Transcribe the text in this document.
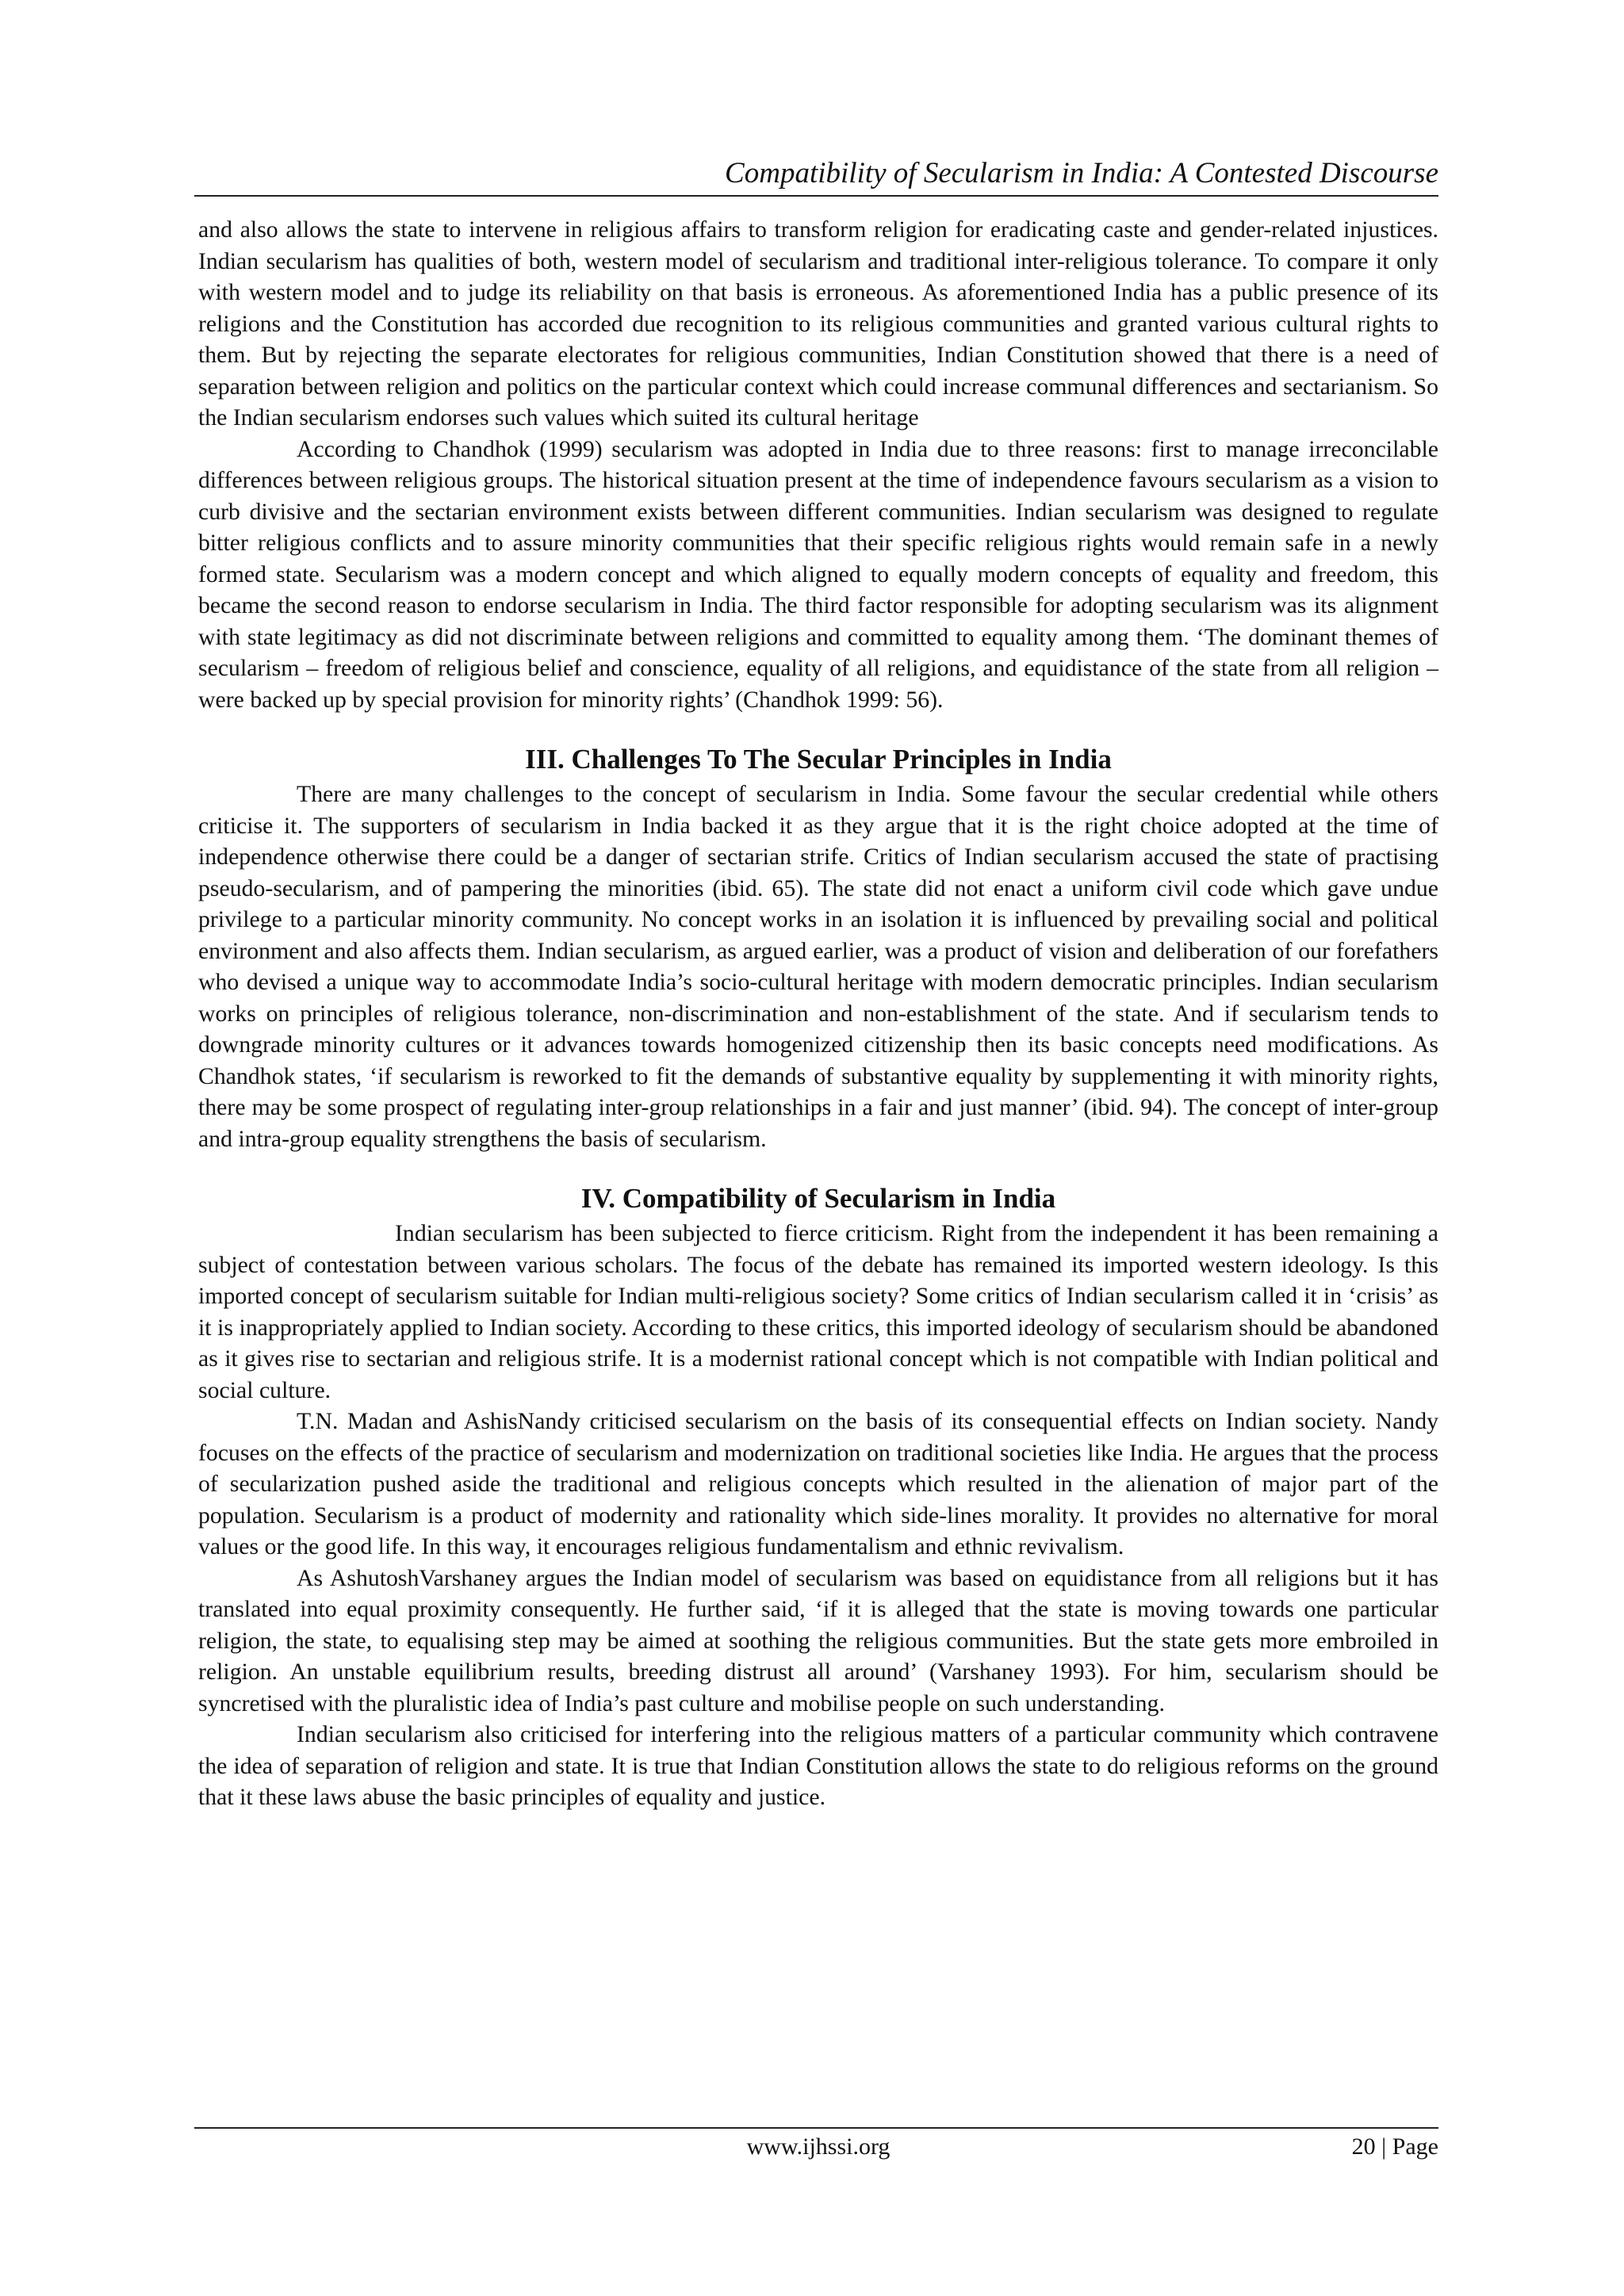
Compatibility of Secularism in India: A Contested Discourse

and also allows the state to intervene in religious affairs to transform religion for eradicating caste and gender-related injustices. Indian secularism has qualities of both, western model of secularism and traditional inter-religious tolerance. To compare it only with western model and to judge its reliability on that basis is erroneous. As aforementioned India has a public presence of its religions and the Constitution has accorded due recognition to its religious communities and granted various cultural rights to them. But by rejecting the separate electorates for religious communities, Indian Constitution showed that there is a need of separation between religion and politics on the particular context which could increase communal differences and sectarianism. So the Indian secularism endorses such values which suited its cultural heritage

According to Chandhok (1999) secularism was adopted in India due to three reasons: first to manage irreconcilable differences between religious groups. The historical situation present at the time of independence favours secularism as a vision to curb divisive and the sectarian environment exists between different communities. Indian secularism was designed to regulate bitter religious conflicts and to assure minority communities that their specific religious rights would remain safe in a newly formed state. Secularism was a modern concept and which aligned to equally modern concepts of equality and freedom, this became the second reason to endorse secularism in India. The third factor responsible for adopting secularism was its alignment with state legitimacy as did not discriminate between religions and committed to equality among them. ‘The dominant themes of secularism – freedom of religious belief and conscience, equality of all religions, and equidistance of the state from all religion – were backed up by special provision for minority rights’ (Chandhok 1999: 56).

III. Challenges To The Secular Principles in India

There are many challenges to the concept of secularism in India. Some favour the secular credential while others criticise it. The supporters of secularism in India backed it as they argue that it is the right choice adopted at the time of independence otherwise there could be a danger of sectarian strife. Critics of Indian secularism accused the state of practising pseudo-secularism, and of pampering the minorities (ibid. 65). The state did not enact a uniform civil code which gave undue privilege to a particular minority community. No concept works in an isolation it is influenced by prevailing social and political environment and also affects them. Indian secularism, as argued earlier, was a product of vision and deliberation of our forefathers who devised a unique way to accommodate India’s socio-cultural heritage with modern democratic principles. Indian secularism works on principles of religious tolerance, non-discrimination and non-establishment of the state. And if secularism tends to downgrade minority cultures or it advances towards homogenized citizenship then its basic concepts need modifications. As Chandhok states, ‘if secularism is reworked to fit the demands of substantive equality by supplementing it with minority rights, there may be some prospect of regulating inter-group relationships in a fair and just manner’ (ibid. 94). The concept of inter-group and intra-group equality strengthens the basis of secularism.

IV. Compatibility of Secularism in India

Indian secularism has been subjected to fierce criticism. Right from the independent it has been remaining a subject of contestation between various scholars. The focus of the debate has remained its imported western ideology. Is this imported concept of secularism suitable for Indian multi-religious society? Some critics of Indian secularism called it in ‘crisis’ as it is inappropriately applied to Indian society. According to these critics, this imported ideology of secularism should be abandoned as it gives rise to sectarian and religious strife. It is a modernist rational concept which is not compatible with Indian political and social culture.

T.N. Madan and AshisNandy criticised secularism on the basis of its consequential effects on Indian society. Nandy focuses on the effects of the practice of secularism and modernization on traditional societies like India. He argues that the process of secularization pushed aside the traditional and religious concepts which resulted in the alienation of major part of the population. Secularism is a product of modernity and rationality which side-lines morality. It provides no alternative for moral values or the good life. In this way, it encourages religious fundamentalism and ethnic revivalism.

As AshutoshVarshaney argues the Indian model of secularism was based on equidistance from all religions but it has translated into equal proximity consequently. He further said, ‘if it is alleged that the state is moving towards one particular religion, the state, to equalising step may be aimed at soothing the religious communities. But the state gets more embroiled in religion. An unstable equilibrium results, breeding distrust all around’ (Varshaney 1993). For him, secularism should be syncretised with the pluralistic idea of India’s past culture and mobilise people on such understanding.

Indian secularism also criticised for interfering into the religious matters of a particular community which contravene the idea of separation of religion and state. It is true that Indian Constitution allows the state to do religious reforms on the ground that it these laws abuse the basic principles of equality and justice.

www.ijhssi.org	20 | Page
